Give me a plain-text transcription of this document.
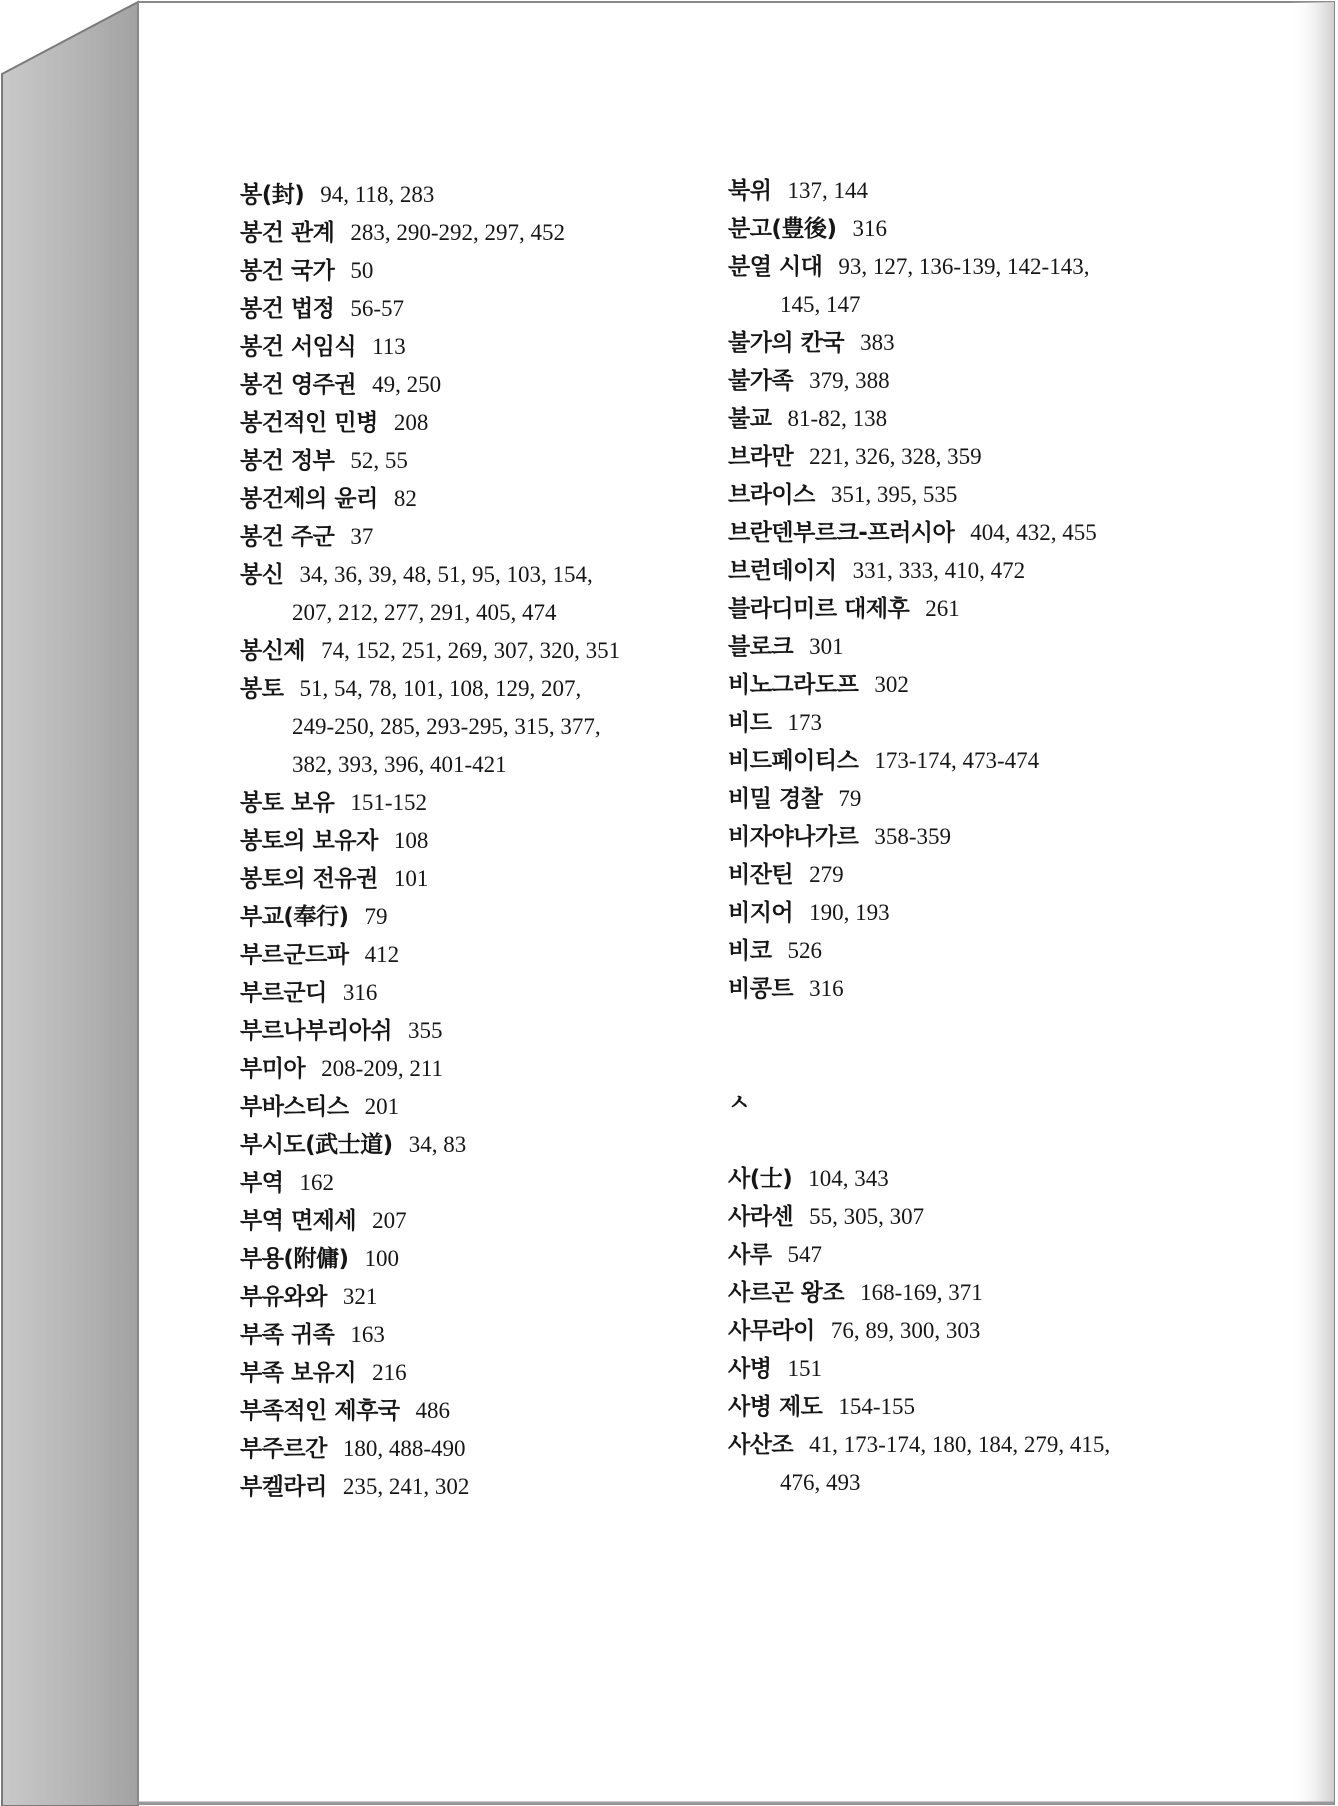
봉(封) 94, 118, 283
봉건 관계 283, 290-292, 297, 452
봉건 국가 50
봉건 법정 56-57
봉건 서임식 113
봉건 영주권 49, 250
봉건적인 민병 208
봉건 정부 52, 55
봉건제의 윤리 82
봉건 주군 37
봉신 34, 36, 39, 48, 51, 95, 103, 154,
207, 212, 277, 291, 405, 474
봉신제 74, 152, 251, 269, 307, 320, 351
봉토 51, 54, 78, 101, 108, 129, 207,
249-250, 285, 293-295, 315, 377,
382, 393, 396, 401-421
봉토 보유 151-152
봉토의 보유자 108
봉토의 전유권 101
부교(奉行) 79
부르군드파 412
부르군디 316
부르나부리아쉬 355
부미아 208-209, 211
부바스티스 201
부시도(武士道) 34, 83
부역 162
부역 면제세 207
부용(附傭) 100
부유와와 321
부족 귀족 163
부족 보유지 216
부족적인 제후국 486
부주르간 180, 488-490
부켈라리 235, 241, 302
북위 137, 144
분고(豊後) 316
분열 시대 93, 127, 136-139, 142-143,
145, 147
불가의 칸국 383
불가족 379, 388
불교 81-82, 138
브라만 221, 326, 328, 359
브라이스 351, 395, 535
브란덴부르크-프러시아 404, 432, 455
브런데이지 331, 333, 410, 472
블라디미르 대제후 261
블로크 301
비노그라도프 302
비드 173
비드페이티스 173-174, 473-474
비밀 경찰 79
비자야나가르 358-359
비잔틴 279
비지어 190, 193
비코 526
비콩트 316
ㅅ
사(士) 104, 343
사라센 55, 305, 307
사루 547
사르곤 왕조 168-169, 371
사무라이 76, 89, 300, 303
사병 151
사병 제도 154-155
사산조 41, 173-174, 180, 184, 279, 415,
476, 493
